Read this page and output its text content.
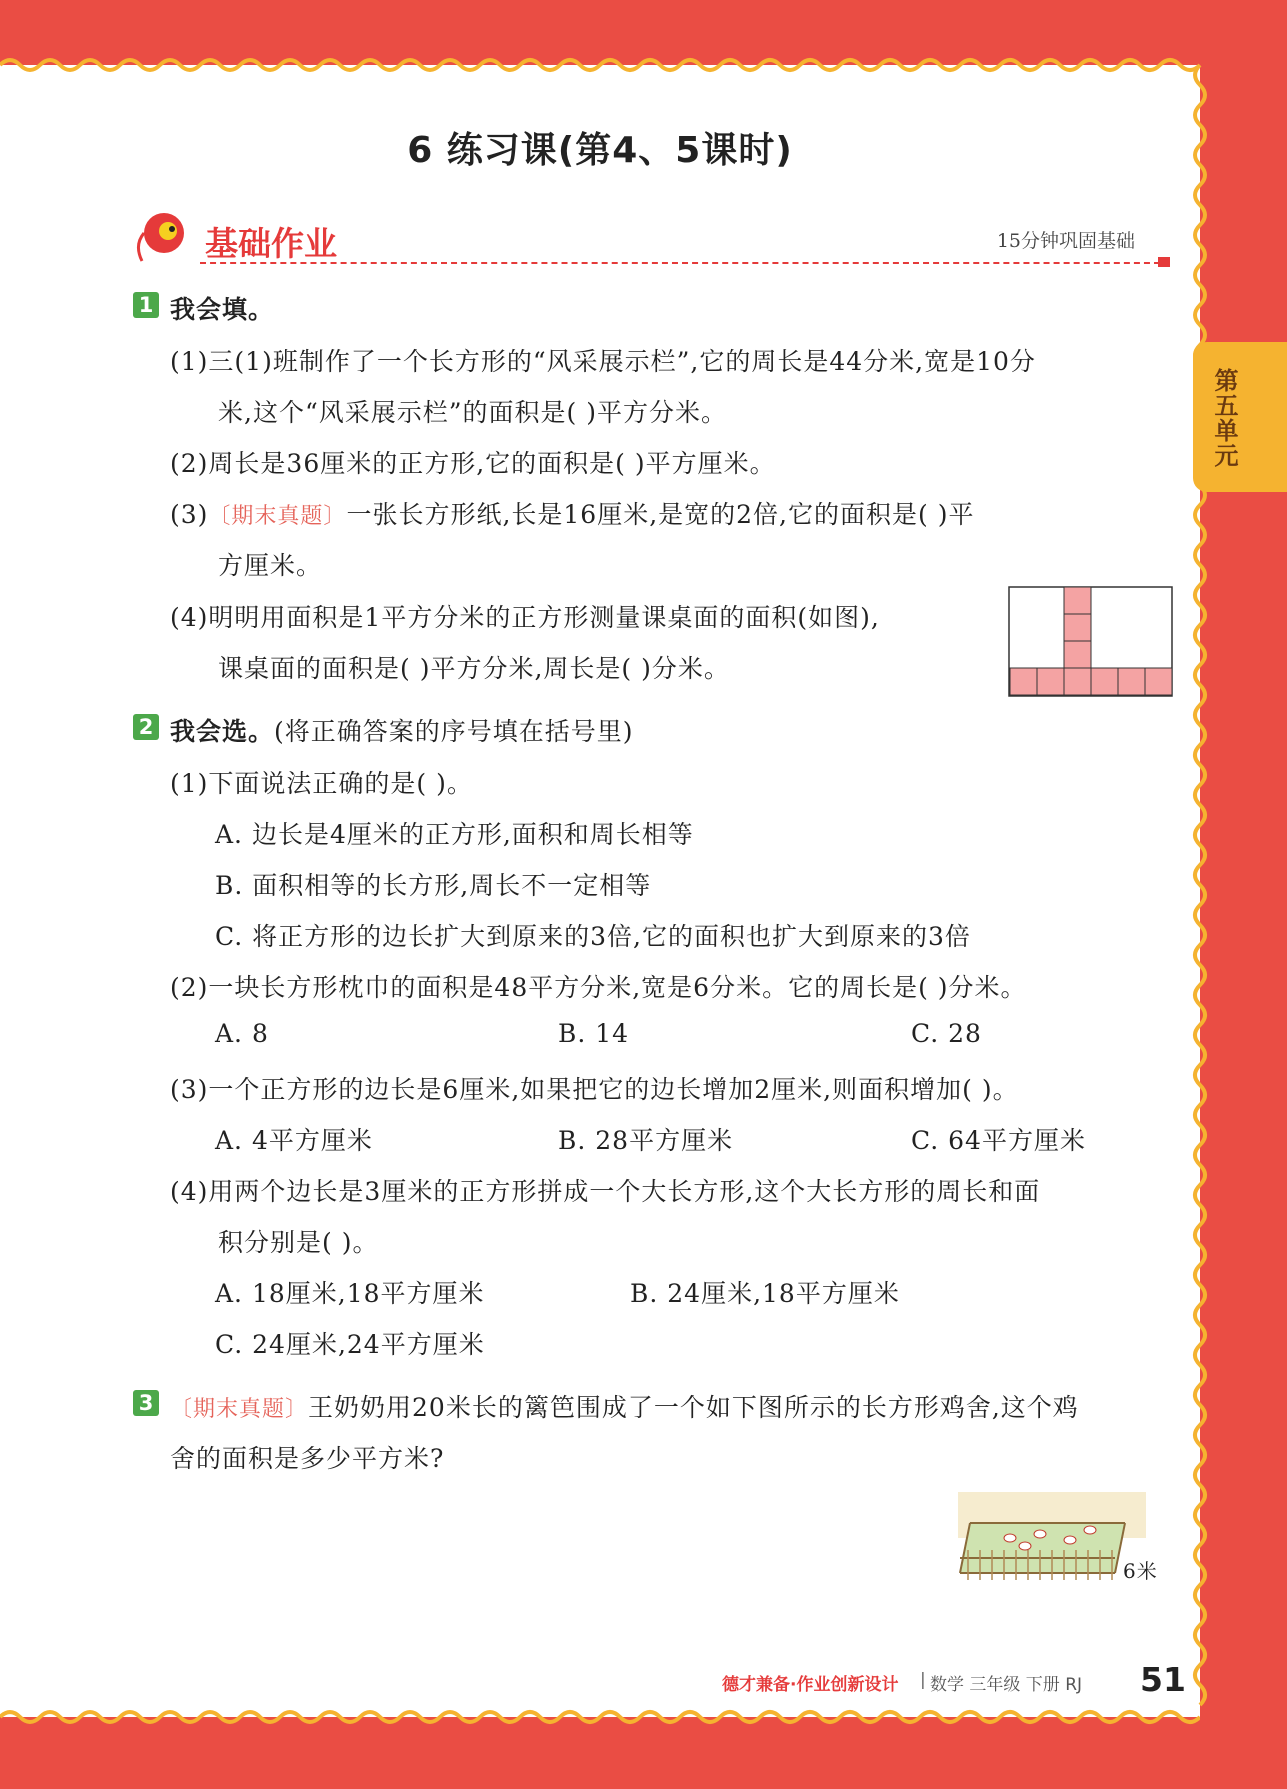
第五单元
6 练习课(第4、5课时)
基础作业	15分钟巩固基础
1 我会填。
(1)三(1)班制作了一个长方形的“风采展示栏”,它的周长是44分米,宽是10分
米,这个“风采展示栏”的面积是( )平方分米。
(2)周长是36厘米的正方形,它的面积是( )平方厘米。
(3)〔期末真题〕一张长方形纸,长是16厘米,是宽的2倍,它的面积是( )平
方厘米。
(4)明明用面积是1平方分米的正方形测量课桌面的面积(如图),
课桌面的面积是( )平方分米,周长是( )分米。
2 我会选。(将正确答案的序号填在括号里)
(1)下面说法正确的是( )。
A. 边长是4厘米的正方形,面积和周长相等
B. 面积相等的长方形,周长不一定相等
C. 将正方形的边长扩大到原来的3倍,它的面积也扩大到原来的3倍
(2)一块长方形枕巾的面积是48平方分米,宽是6分米。它的周长是( )分米。
A. 8	B. 14	C. 28
(3)一个正方形的边长是6厘米,如果把它的边长增加2厘米,则面积增加( )。
A. 4平方厘米	B. 28平方厘米	C. 64平方厘米
(4)用两个边长是3厘米的正方形拼成一个大长方形,这个大长方形的周长和面
积分别是( )。
A. 18厘米,18平方厘米	B. 24厘米,18平方厘米
C. 24厘米,24平方厘米
3 〔期末真题〕王奶奶用20米长的篱笆围成了一个如下图所示的长方形鸡舍,这个鸡
舍的面积是多少平方米?
6米
德才兼备·作业创新设计 | 数学 三年级 下册 RJ 51
